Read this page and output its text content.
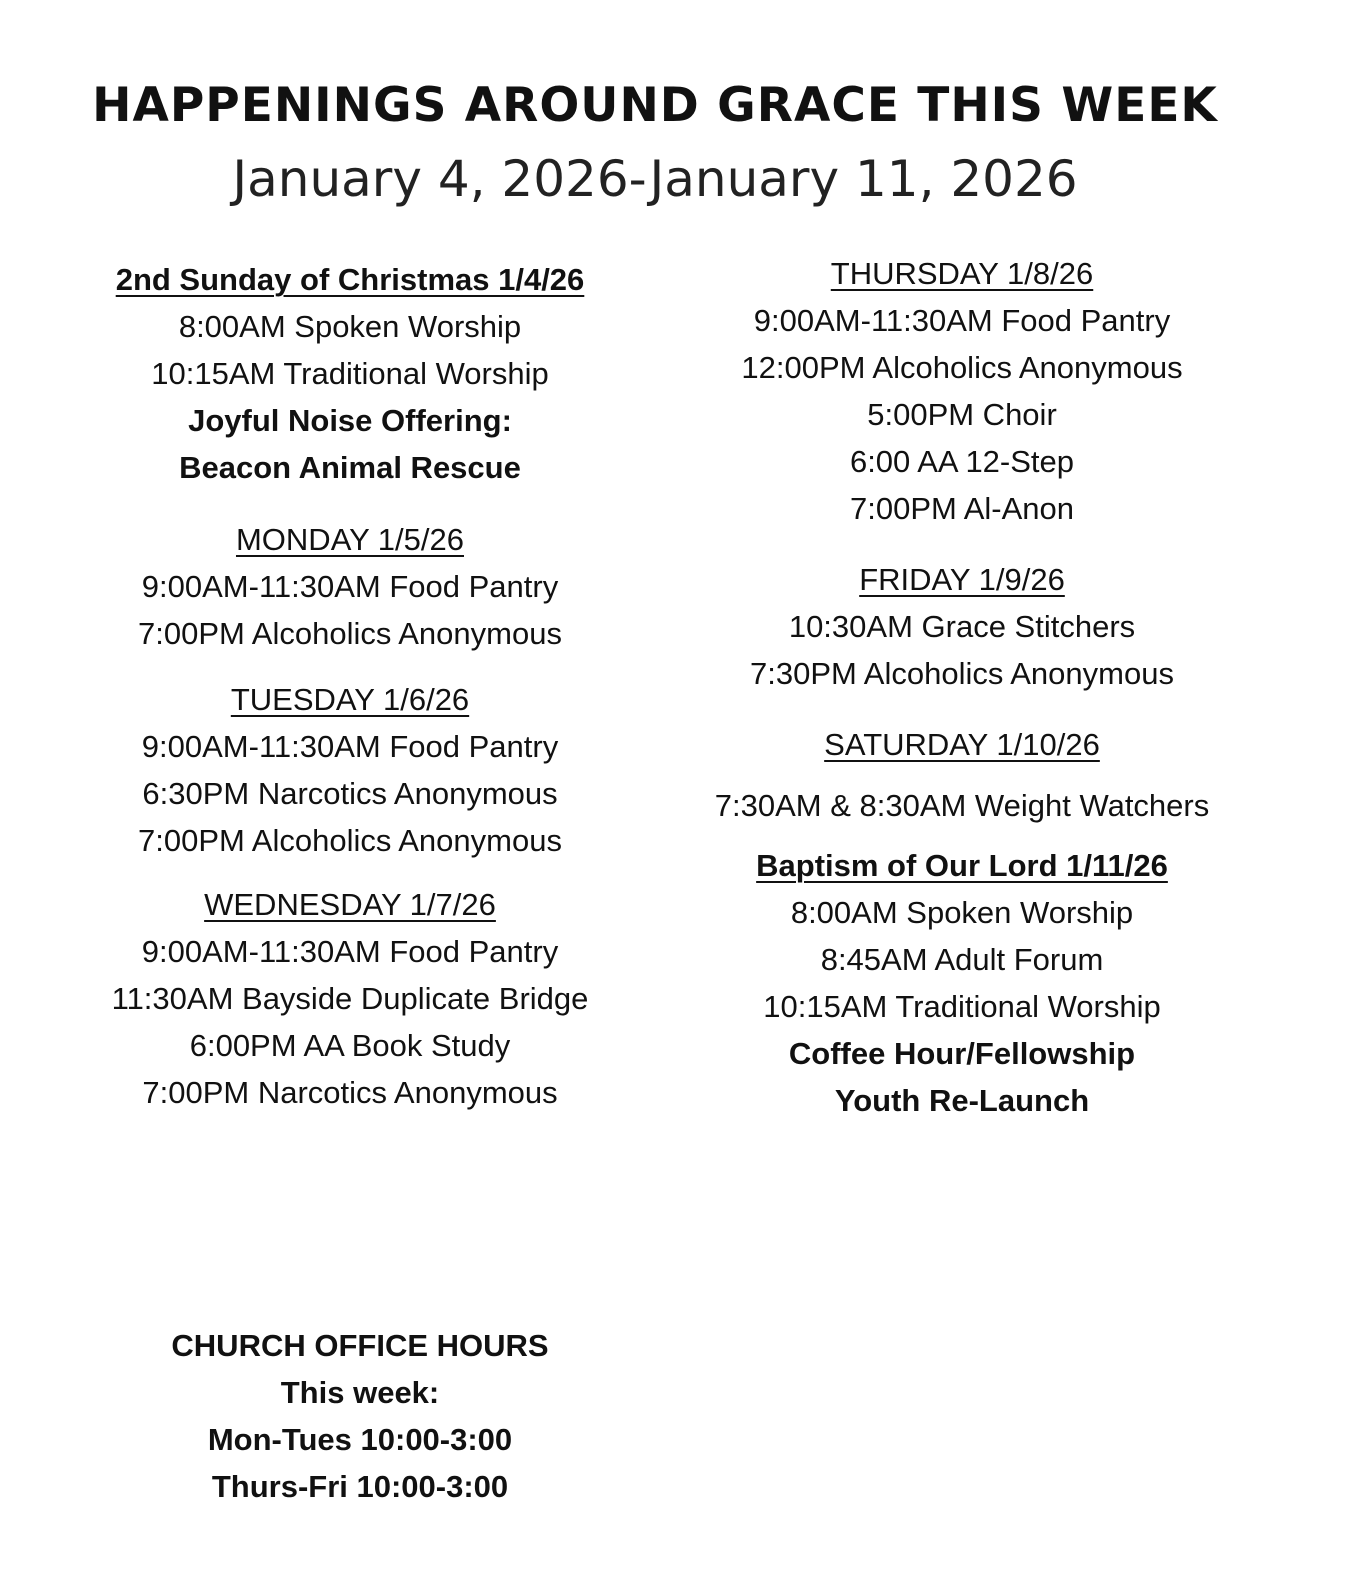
HAPPENINGS AROUND GRACE THIS WEEK
January 4, 2026-January 11, 2026
2nd Sunday of Christmas 1/4/26
8:00AM Spoken Worship
10:15AM Traditional Worship
Joyful Noise Offering:
Beacon Animal Rescue
MONDAY 1/5/26
9:00AM-11:30AM Food Pantry
7:00PM Alcoholics Anonymous
TUESDAY 1/6/26
9:00AM-11:30AM Food Pantry
6:30PM Narcotics Anonymous
7:00PM Alcoholics Anonymous
WEDNESDAY 1/7/26
9:00AM-11:30AM Food Pantry
11:30AM Bayside Duplicate Bridge
6:00PM AA Book Study
7:00PM Narcotics Anonymous
THURSDAY 1/8/26
9:00AM-11:30AM Food Pantry
12:00PM Alcoholics Anonymous
5:00PM Choir
6:00 AA 12-Step
7:00PM Al-Anon
FRIDAY 1/9/26
10:30AM Grace Stitchers
7:30PM Alcoholics Anonymous
SATURDAY 1/10/26
7:30AM & 8:30AM Weight Watchers
Baptism of Our Lord 1/11/26
8:00AM Spoken Worship
8:45AM Adult Forum
10:15AM Traditional Worship
Coffee Hour/Fellowship
Youth Re-Launch
CHURCH OFFICE HOURS
This week:
Mon-Tues 10:00-3:00
Thurs-Fri 10:00-3:00
